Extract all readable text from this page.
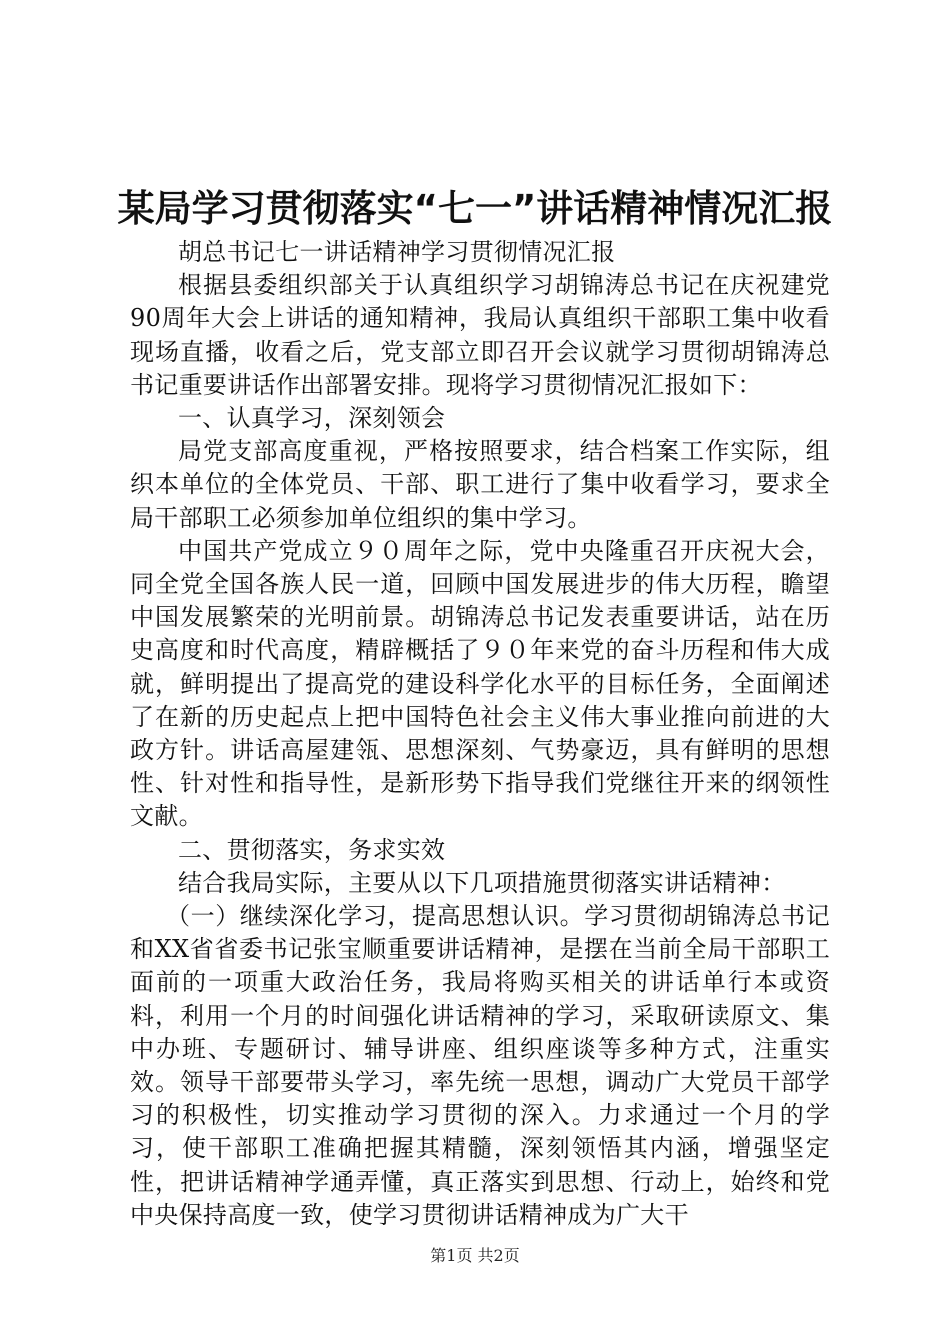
某局学习贯彻落实“七一”讲话精神情况汇报

胡总书记七一讲话精神学习贯彻情况汇报

根据县委组织部关于认真组织学习胡锦涛总书记在庆祝建党90周年大会上讲话的通知精神，我局认真组织干部职工集中收看现场直播，收看之后，党支部立即召开会议就学习贯彻胡锦涛总书记重要讲话作出部署安排。现将学习贯彻情况汇报如下：

一、认真学习，深刻领会

局党支部高度重视，严格按照要求，结合档案工作实际，组织本单位的全体党员、干部、职工进行了集中收看学习，要求全局干部职工必须参加单位组织的集中学习。

中国共产党成立９０周年之际，党中央隆重召开庆祝大会，同全党全国各族人民一道，回顾中国发展进步的伟大历程，瞻望中国发展繁荣的光明前景。胡锦涛总书记发表重要讲话，站在历史高度和时代高度，精辟概括了９０年来党的奋斗历程和伟大成就，鲜明提出了提高党的建设科学化水平的目标任务，全面阐述了在新的历史起点上把中国特色社会主义伟大事业推向前进的大政方针。讲话高屋建瓴、思想深刻、气势豪迈，具有鲜明的思想性、针对性和指导性，是新形势下指导我们党继往开来的纲领性文献。

二、贯彻落实，务求实效

结合我局实际，主要从以下几项措施贯彻落实讲话精神：

（一）继续深化学习，提高思想认识。学习贯彻胡锦涛总书记和XX省省委书记张宝顺重要讲话精神，是摆在当前全局干部职工面前的一项重大政治任务，我局将购买相关的讲话单行本或资料，利用一个月的时间强化讲话精神的学习，采取研读原文、集中办班、专题研讨、辅导讲座、组织座谈等多种方式，注重实效。领导干部要带头学习，率先统一思想，调动广大党员干部学习的积极性，切实推动学习贯彻的深入。力求通过一个月的学习，使干部职工准确把握其精髓，深刻领悟其内涵，增强坚定性，把讲话精神学通弄懂，真正落实到思想、行动上，始终和党中央保持高度一致，使学习贯彻讲话精神成为广大干

第1页 共2页
